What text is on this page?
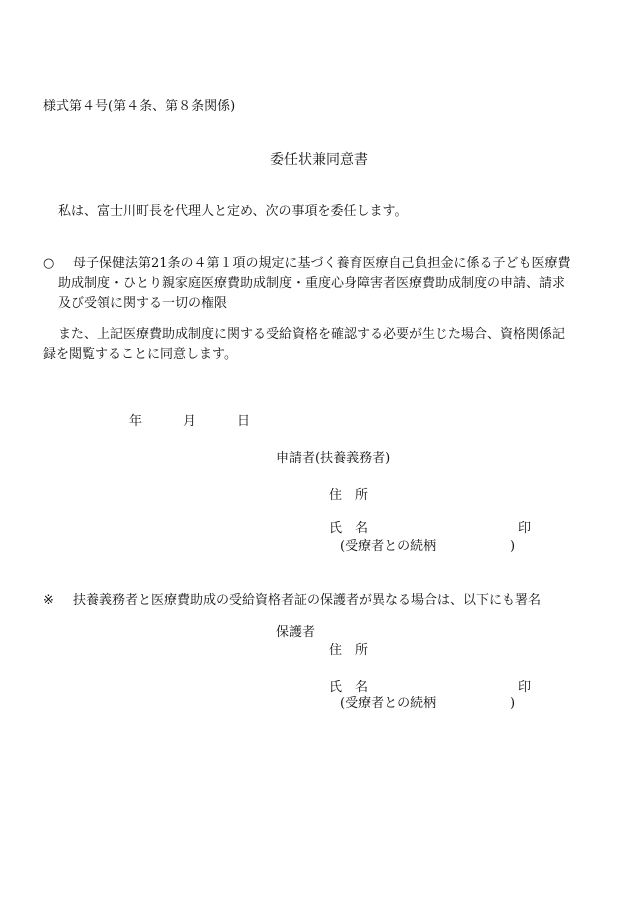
様式第４号(第４条、第８条関係)
委任状兼同意書
私は、富士川町長を代理人と定め、次の事項を委任します。
○ 母子保健法第21条の４第１項の規定に基づく養育医療自己負担金に係る子ども医療費
助成制度・ひとり親家庭医療費助成制度・重度心身障害者医療費助成制度の申請、請求
及び受領に関する一切の権限
また、上記医療費助成制度に関する受給資格を確認する必要が生じた場合、資格関係記
録を閲覧することに同意します。
年	月	日
申請者(扶養義務者)
住　所
氏　名	印
(受療者との続柄	)
※ 扶養義務者と医療費助成の受給資格者証の保護者が異なる場合は、以下にも署名
保護者
住　所
氏　名	印
(受療者との続柄	)
